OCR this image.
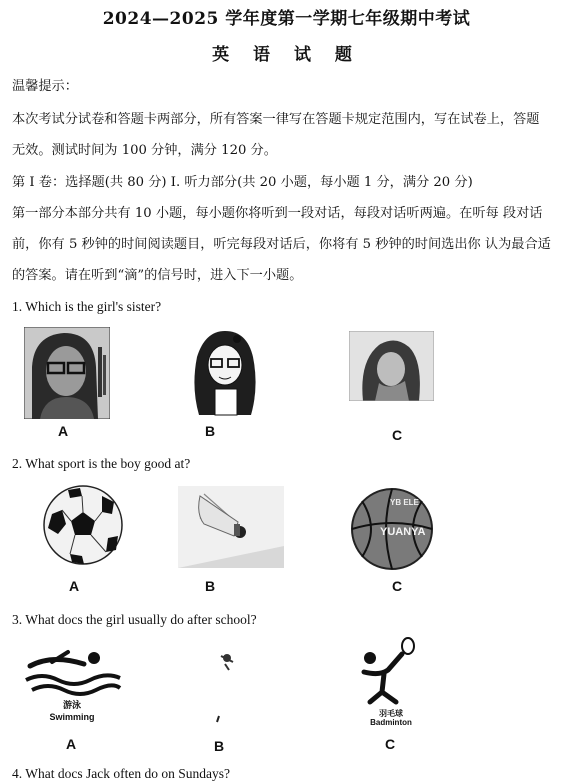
2024—2025 学年度第一学期七年级期中考试
英 语 试 题
温馨提示：
本次考试分试卷和答题卡两部分，所有答案一律写在答题卡规定范围内，写在试卷上，答题
无效。测试时间为 100 分钟，满分 120 分。
第 I 卷：选择题(共 80 分) I. 听力部分(共 20 小题，每小题 1 分，满分 20 分)
第一部分本部分共有 10 小题，每小题你将听到一段对话，每段对话听两遍。在听每 段对话
前，你有 5 秒钟的时间阅读题目，听完每段对话后，你将有 5 秒钟的时间选出你 认为最合适
的答案。请在听到“滴”的信号时，进入下一小题。
1. Which is the girl's sister?
A	B	C
2. What sport is the boy good at?
A	B
YB ELE
YUANYA
C
3. What docs the girl usually do after school?
游泳
Swimming
A	B
羽毛球
Badminton
C
4. What docs Jack often do on Sundays?
